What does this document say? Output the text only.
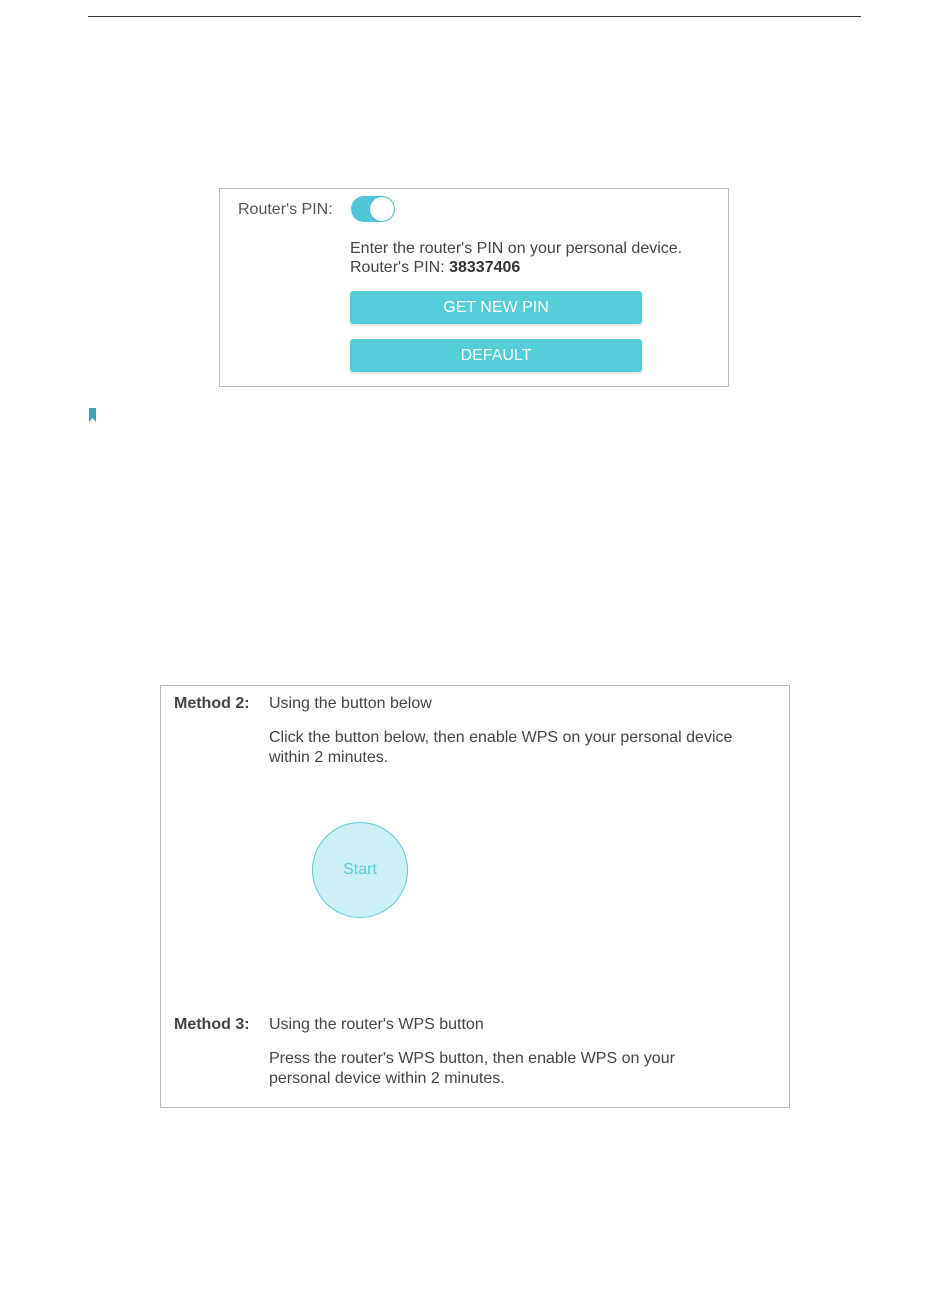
Router's PIN:
Enter the router's PIN on your personal device.
Router's PIN: 38337406
GET NEW PIN
DEFAULT
Method 2: Using the button below
Click the button below, then enable WPS on your personal device
within 2 minutes.
Start
Method 3: Using the router's WPS button
Press the router's WPS button, then enable WPS on your
personal device within 2 minutes.
